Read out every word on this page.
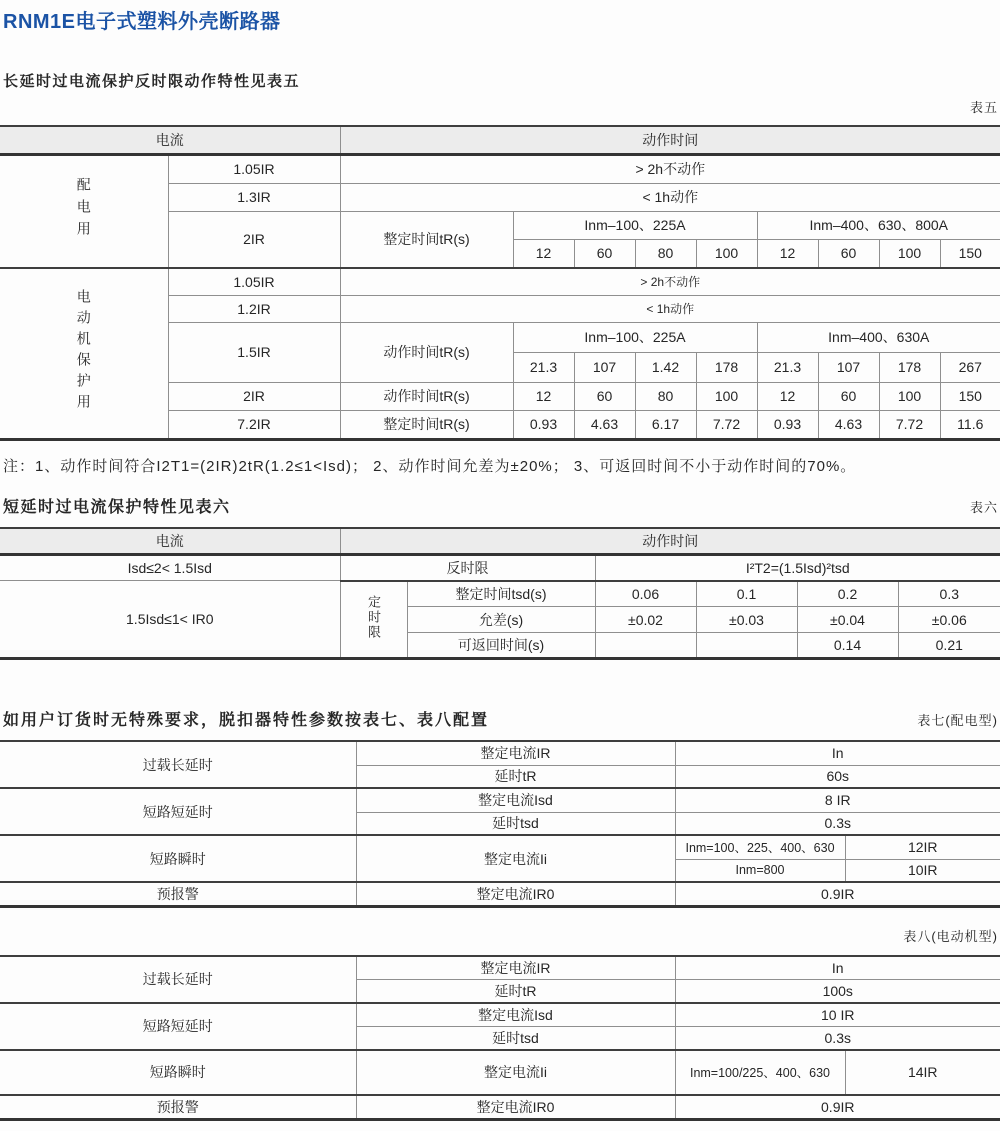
RNM1E电子式塑料外壳断路器
长延时过电流保护反时限动作特性见表五
表五
电流		动作时间								
配电用	1.05IR	> 2h不动作								
	1.3IR	< 1h动作								
	2IR	整定时间tR(s)	Inm–100、225A				Inm–400、630、800A			
			12	60	80	100	12	60	100	150
电动机保护用	1.05IR	> 2h不动作								
	1.2IR	< 1h动作								
	1.5IR	动作时间tR(s)	Inm–100、225A				Inm–400、630A			
			21.3	107	1.42	178	21.3	107	178	267
	2IR	动作时间tR(s)	12	60	80	100	12	60	100	150
	7.2IR	整定时间tR(s)	0.93	4.63	6.17	7.72	0.93	4.63	7.72	11.6

注：1、动作时间符合I2T1=(2IR)2tR(1.2≤1<Isd)； 2、动作时间允差为±20%； 3、可返回时间不小于动作时间的70%。

短延时过电流保护特性见表六	表六
电流	动作时间					
Isd≤2< 1.5Isd	反时限		I²T2=(1.5Isd)²tsd			
1.5Isd≤1< IR0	定时限	整定时间tsd(s)	0.06	0.1	0.2	0.3
		允差(s)	±0.02	±0.03	±0.04	±0.06
		可返回时间(s)			0.14	0.21
如用户订货时无特殊要求，脱扣器特性参数按表七、表八配置	表七(配电型)
过载长延时	整定电流IR	In	
	延时tR	60s	
短路短延时	整定电流Isd	8 IR	
	延时tsd	0.3s	
短路瞬时	整定电流Ii	Inm=100、225、400、630	12IR
		Inm=800	10IR
预报警	整定电流IR0	0.9IR	
表八(电动机型)
过载长延时	整定电流IR	In	
	延时tR	100s	
短路短延时	整定电流Isd	10 IR	
	延时tsd	0.3s	
短路瞬时	整定电流Ii	Inm=100/225、400、630	14IR
预报警	整定电流IR0	0.9IR	
